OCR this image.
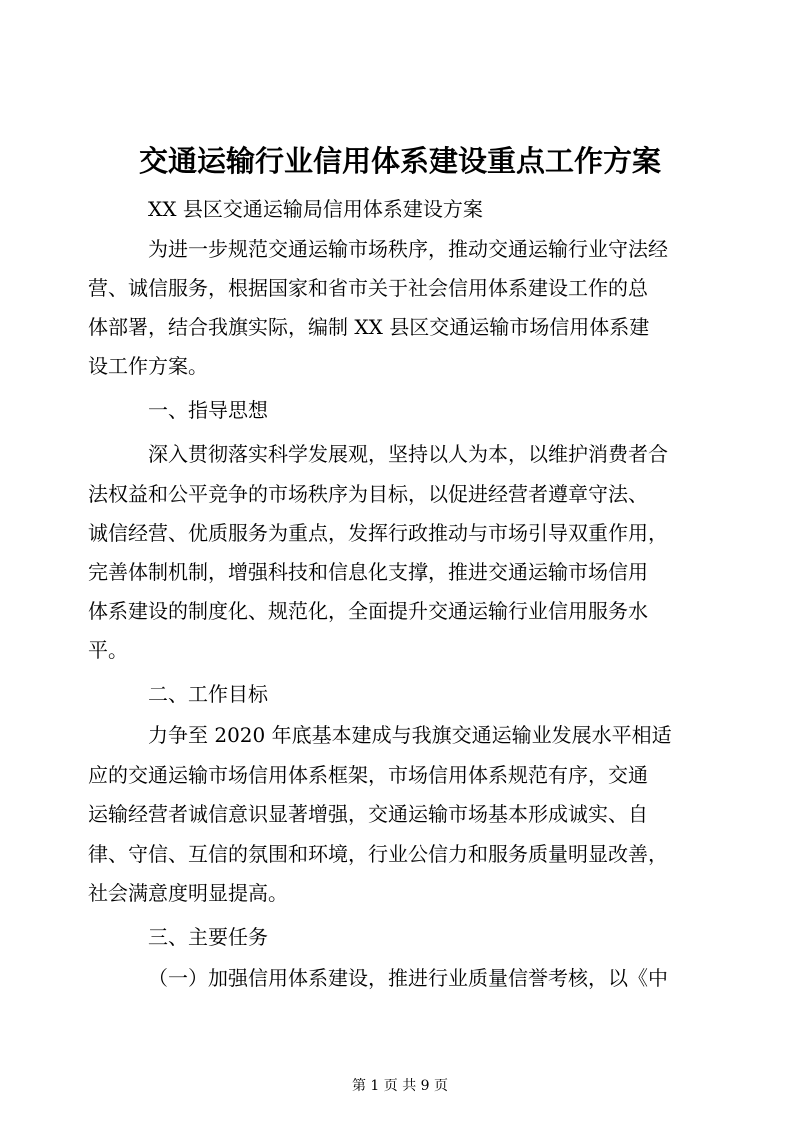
交通运输行业信用体系建设重点工作方案
XX 县区交通运输局信用体系建设方案
为进一步规范交通运输市场秩序，推动交通运输行业守法经
营、诚信服务，根据国家和省市关于社会信用体系建设工作的总
体部署，结合我旗实际，编制 XX 县区交通运输市场信用体系建
设工作方案。
一、指导思想
深入贯彻落实科学发展观，坚持以人为本，以维护消费者合
法权益和公平竞争的市场秩序为目标，以促进经营者遵章守法、
诚信经营、优质服务为重点，发挥行政推动与市场引导双重作用，
完善体制机制，增强科技和信息化支撑，推进交通运输市场信用
体系建设的制度化、规范化，全面提升交通运输行业信用服务水
平。
二、工作目标
力争至 2020 年底基本建成与我旗交通运输业发展水平相适
应的交通运输市场信用体系框架，市场信用体系规范有序，交通
运输经营者诚信意识显著增强，交通运输市场基本形成诚实、自
律、守信、互信的氛围和环境，行业公信力和服务质量明显改善，
社会满意度明显提高。
三、主要任务
（一）加强信用体系建设，推进行业质量信誉考核，以《中
第 1 页 共 9 页
